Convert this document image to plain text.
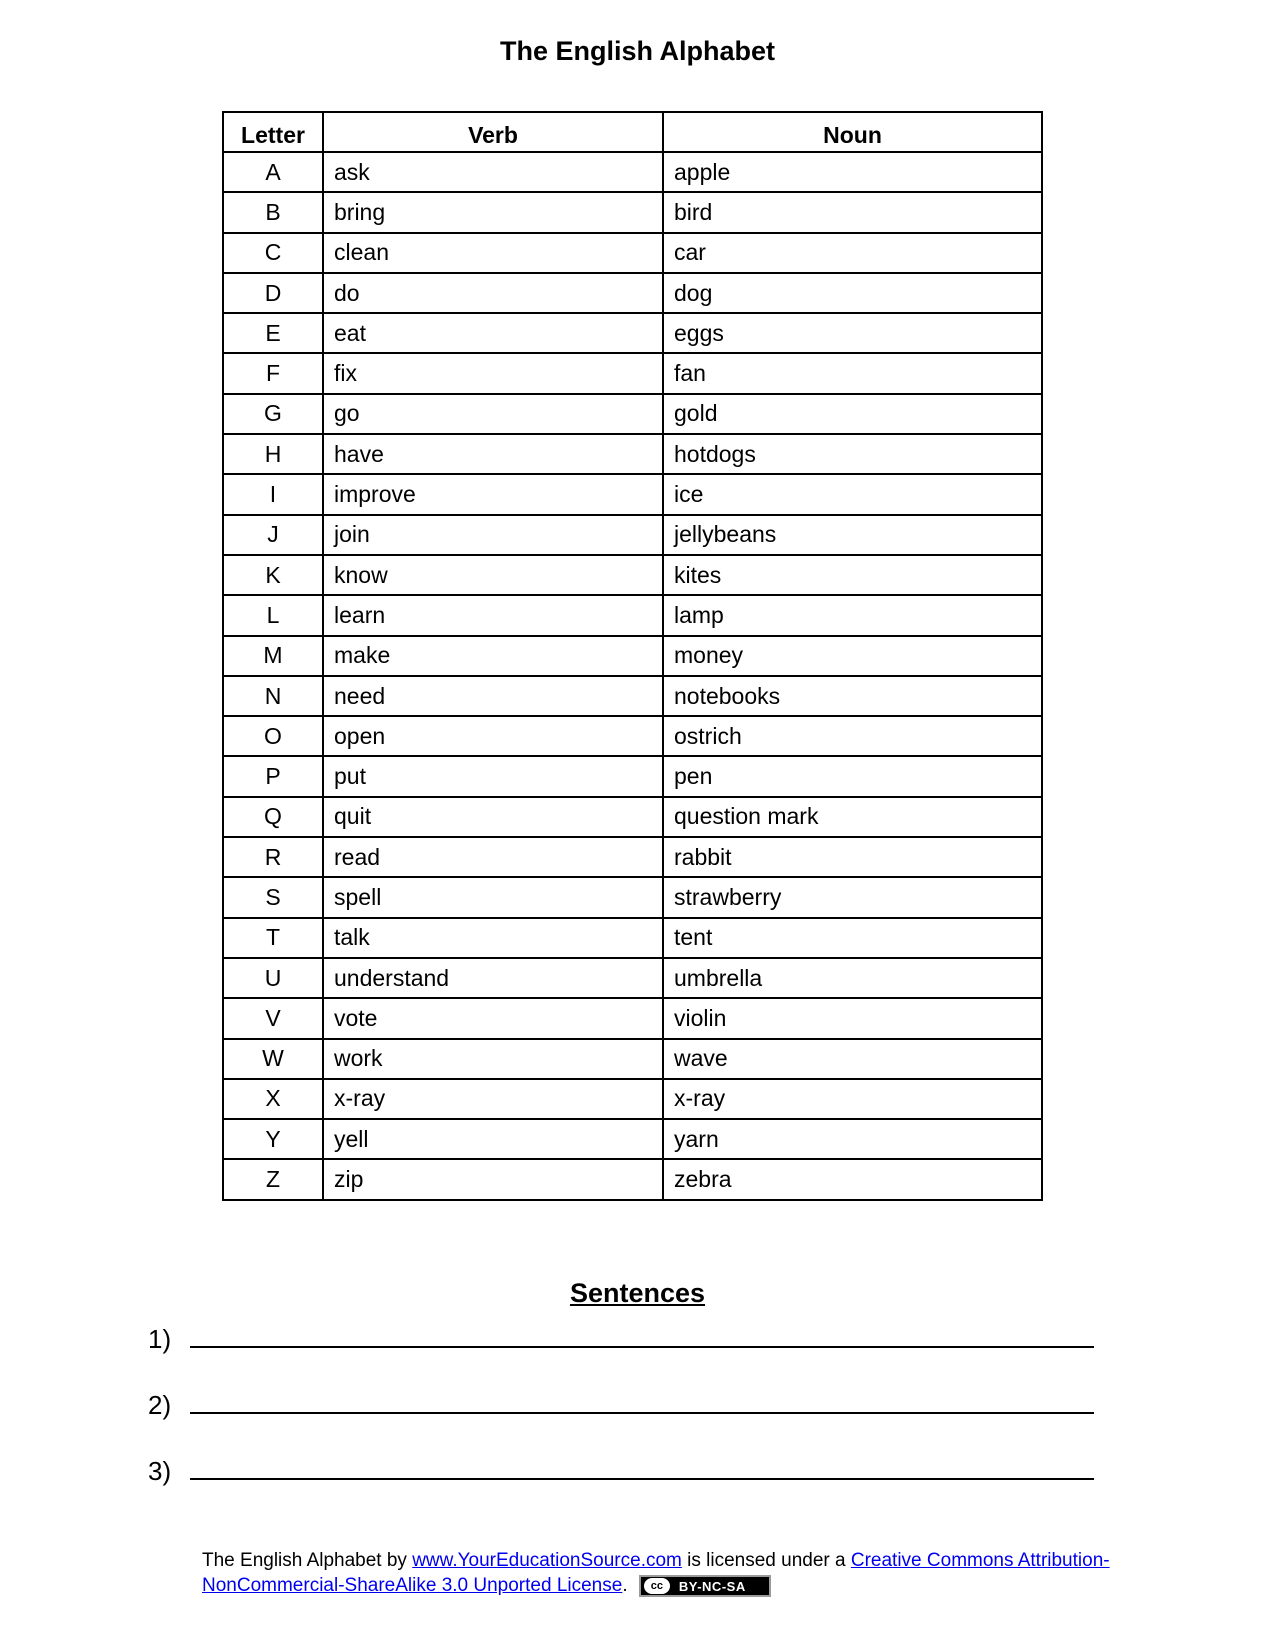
The English Alphabet
Letter	Verb	Noun
A	ask	apple
B	bring	bird
C	clean	car
D	do	dog
E	eat	eggs
F	fix	fan
G	go	gold
H	have	hotdogs
I	improve	ice
J	join	jellybeans
K	know	kites
L	learn	lamp
M	make	money
N	need	notebooks
O	open	ostrich
P	put	pen
Q	quit	question mark
R	read	rabbit
S	spell	strawberry
T	talk	tent
U	understand	umbrella
V	vote	violin
W	work	wave
X	x-ray	x-ray
Y	yell	yarn
Z	zip	zebra
Sentences
1)
2)
3)
The English Alphabet by www.YourEducationSource.com is licensed under a Creative Commons Attribution-NonCommercial-ShareAlike 3.0 Unported License.	cc	BY-NC-SA
